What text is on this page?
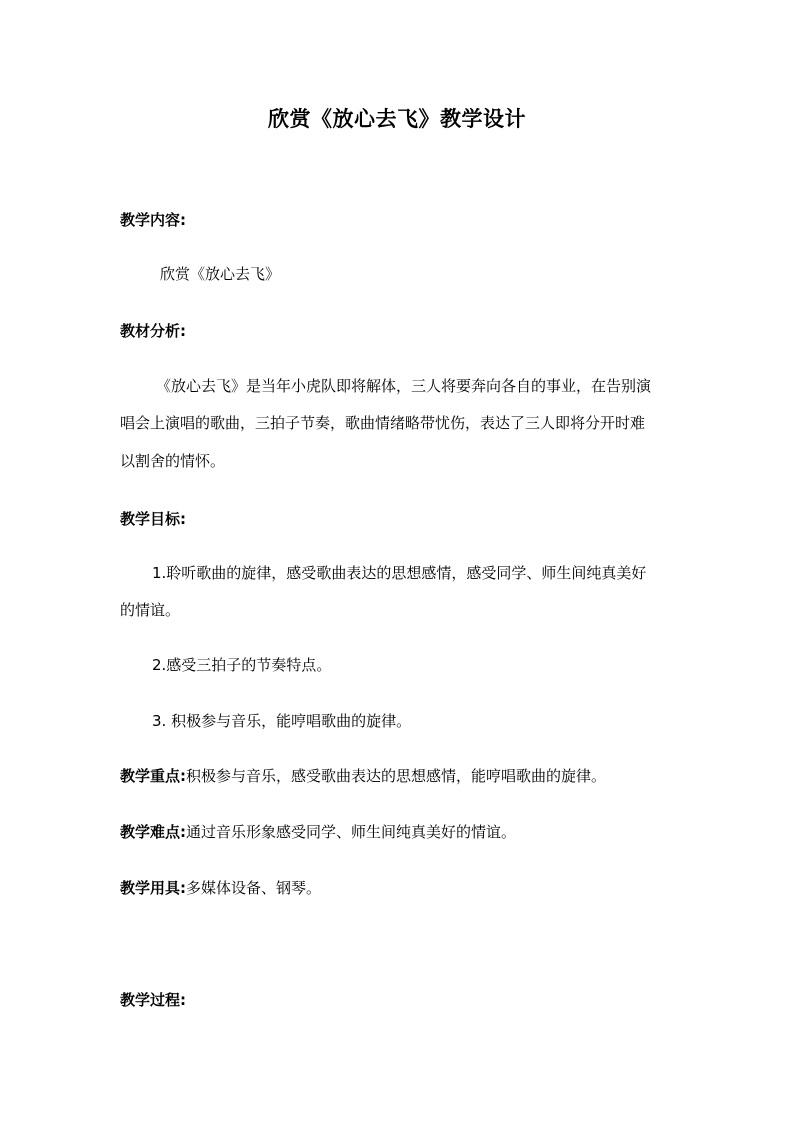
欣赏《放心去飞》教学设计
教学内容:
欣赏《放心去飞》
教材分析:
《放心去飞》是当年小虎队即将解体，三人将要奔向各自的事业，在告别演
唱会上演唱的歌曲，三拍子节奏，歌曲情绪略带忧伤，表达了三人即将分开时难
以割舍的情怀。
教学目标:
1.聆听歌曲的旋律，感受歌曲表达的思想感情，感受同学、师生间纯真美好
的情谊。
2.感受三拍子的节奏特点。
3. 积极参与音乐，能哼唱歌曲的旋律。
教学重点:积极参与音乐，感受歌曲表达的思想感情，能哼唱歌曲的旋律。
教学难点:通过音乐形象感受同学、师生间纯真美好的情谊。
教学用具:多媒体设备、钢琴。
教学过程:
